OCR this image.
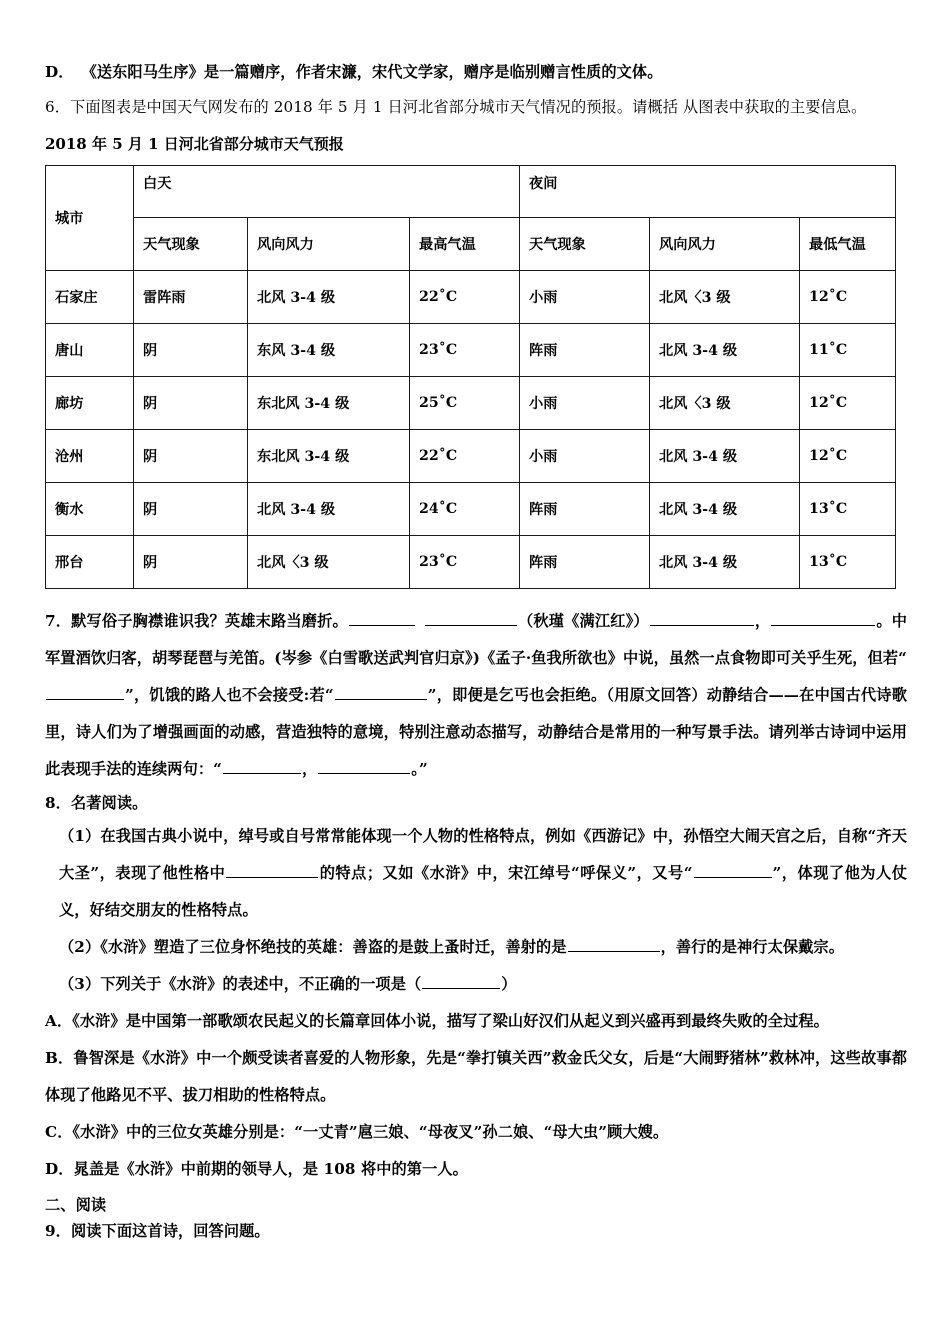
D． 《送东阳马生序》是一篇赠序，作者宋濂，宋代文学家，赠序是临别赠言性质的文体。

6．下面图表是中国天气网发布的 2018 年 5 月 1 日河北省部分城市天气情况的预报。请概括 从图表中获取的主要信息。

2018 年 5 月 1 日河北省部分城市天气预报
城市	白天			夜间		
	天气现象	风向风力	最高气温	天气现象	风向风力	最低气温
石家庄	雷阵雨	北风 3-4 级	22˚C	小雨	北风〈3 级	12˚C
唐山	阴	东风 3-4 级	23˚C	阵雨	北风 3-4 级	11˚C
廊坊	阴	东北风 3-4 级	25˚C	小雨	北风〈3 级	12˚C
沧州	阴	东北风 3-4 级	22˚C	小雨	北风 3-4 级	12˚C
衡水	阴	北风 3-4 级	24˚C	阵雨	北风 3-4 级	13˚C
邢台	阴	北风〈3 级	23˚C	阵雨	北风 3-4 级	13˚C

7．默写俗子胸襟谁识我？英雄末路当磨折。	（秋瑾《满江红》）	，	。中军置酒饮归客，胡琴琵琶与羌笛。(岑参《白雪歌送武判官归京》)《孟子·鱼我所欲也》中说，虽然一点食物即可关乎生死，但若“”，饥饿的路人也不会接受:若“	”，即便是乞丐也会拒绝。（用原文回答）动静结合——在中国古代诗歌里，诗人们为了增强画面的动感，营造独特的意境，特别注意动态描写，动静结合是常用的一种写景手法。请列举古诗词中运用此表现手法的连续两句：“	，	。”

8．名著阅读。

（1）在我国古典小说中，绰号或自号常常能体现一个人物的性格特点，例如《西游记》中，孙悟空大闹天宫之后，自称“齐天大圣”，表现了他性格中	的特点；又如《水浒》中，宋江绰号“呼保义”，又号“	”，体现了他为人仗义，好结交朋友的性格特点。

（2）《水浒》塑造了三位身怀绝技的英雄：善盗的是鼓上蚤时迁，善射的是	，善行的是神行太保戴宗。

（3）下列关于《水浒》的表述中，不正确的一项是（	）

A．《水浒》是中国第一部歌颂农民起义的长篇章回体小说，描写了梁山好汉们从起义到兴盛再到最终失败的全过程。

B．鲁智深是《水浒》中一个颇受读者喜爱的人物形象，先是“拳打镇关西”救金氏父女，后是“大闹野猪林”救林冲，这些故事都体现了他路见不平、拔刀相助的性格特点。

C．《水浒》中的三位女英雄分别是：“一丈青”扈三娘、“母夜叉”孙二娘、“母大虫”顾大嫂。

D．晁盖是《水浒》中前期的领导人，是 108 将中的第一人。

二、阅读

9．阅读下面这首诗，回答问题。
